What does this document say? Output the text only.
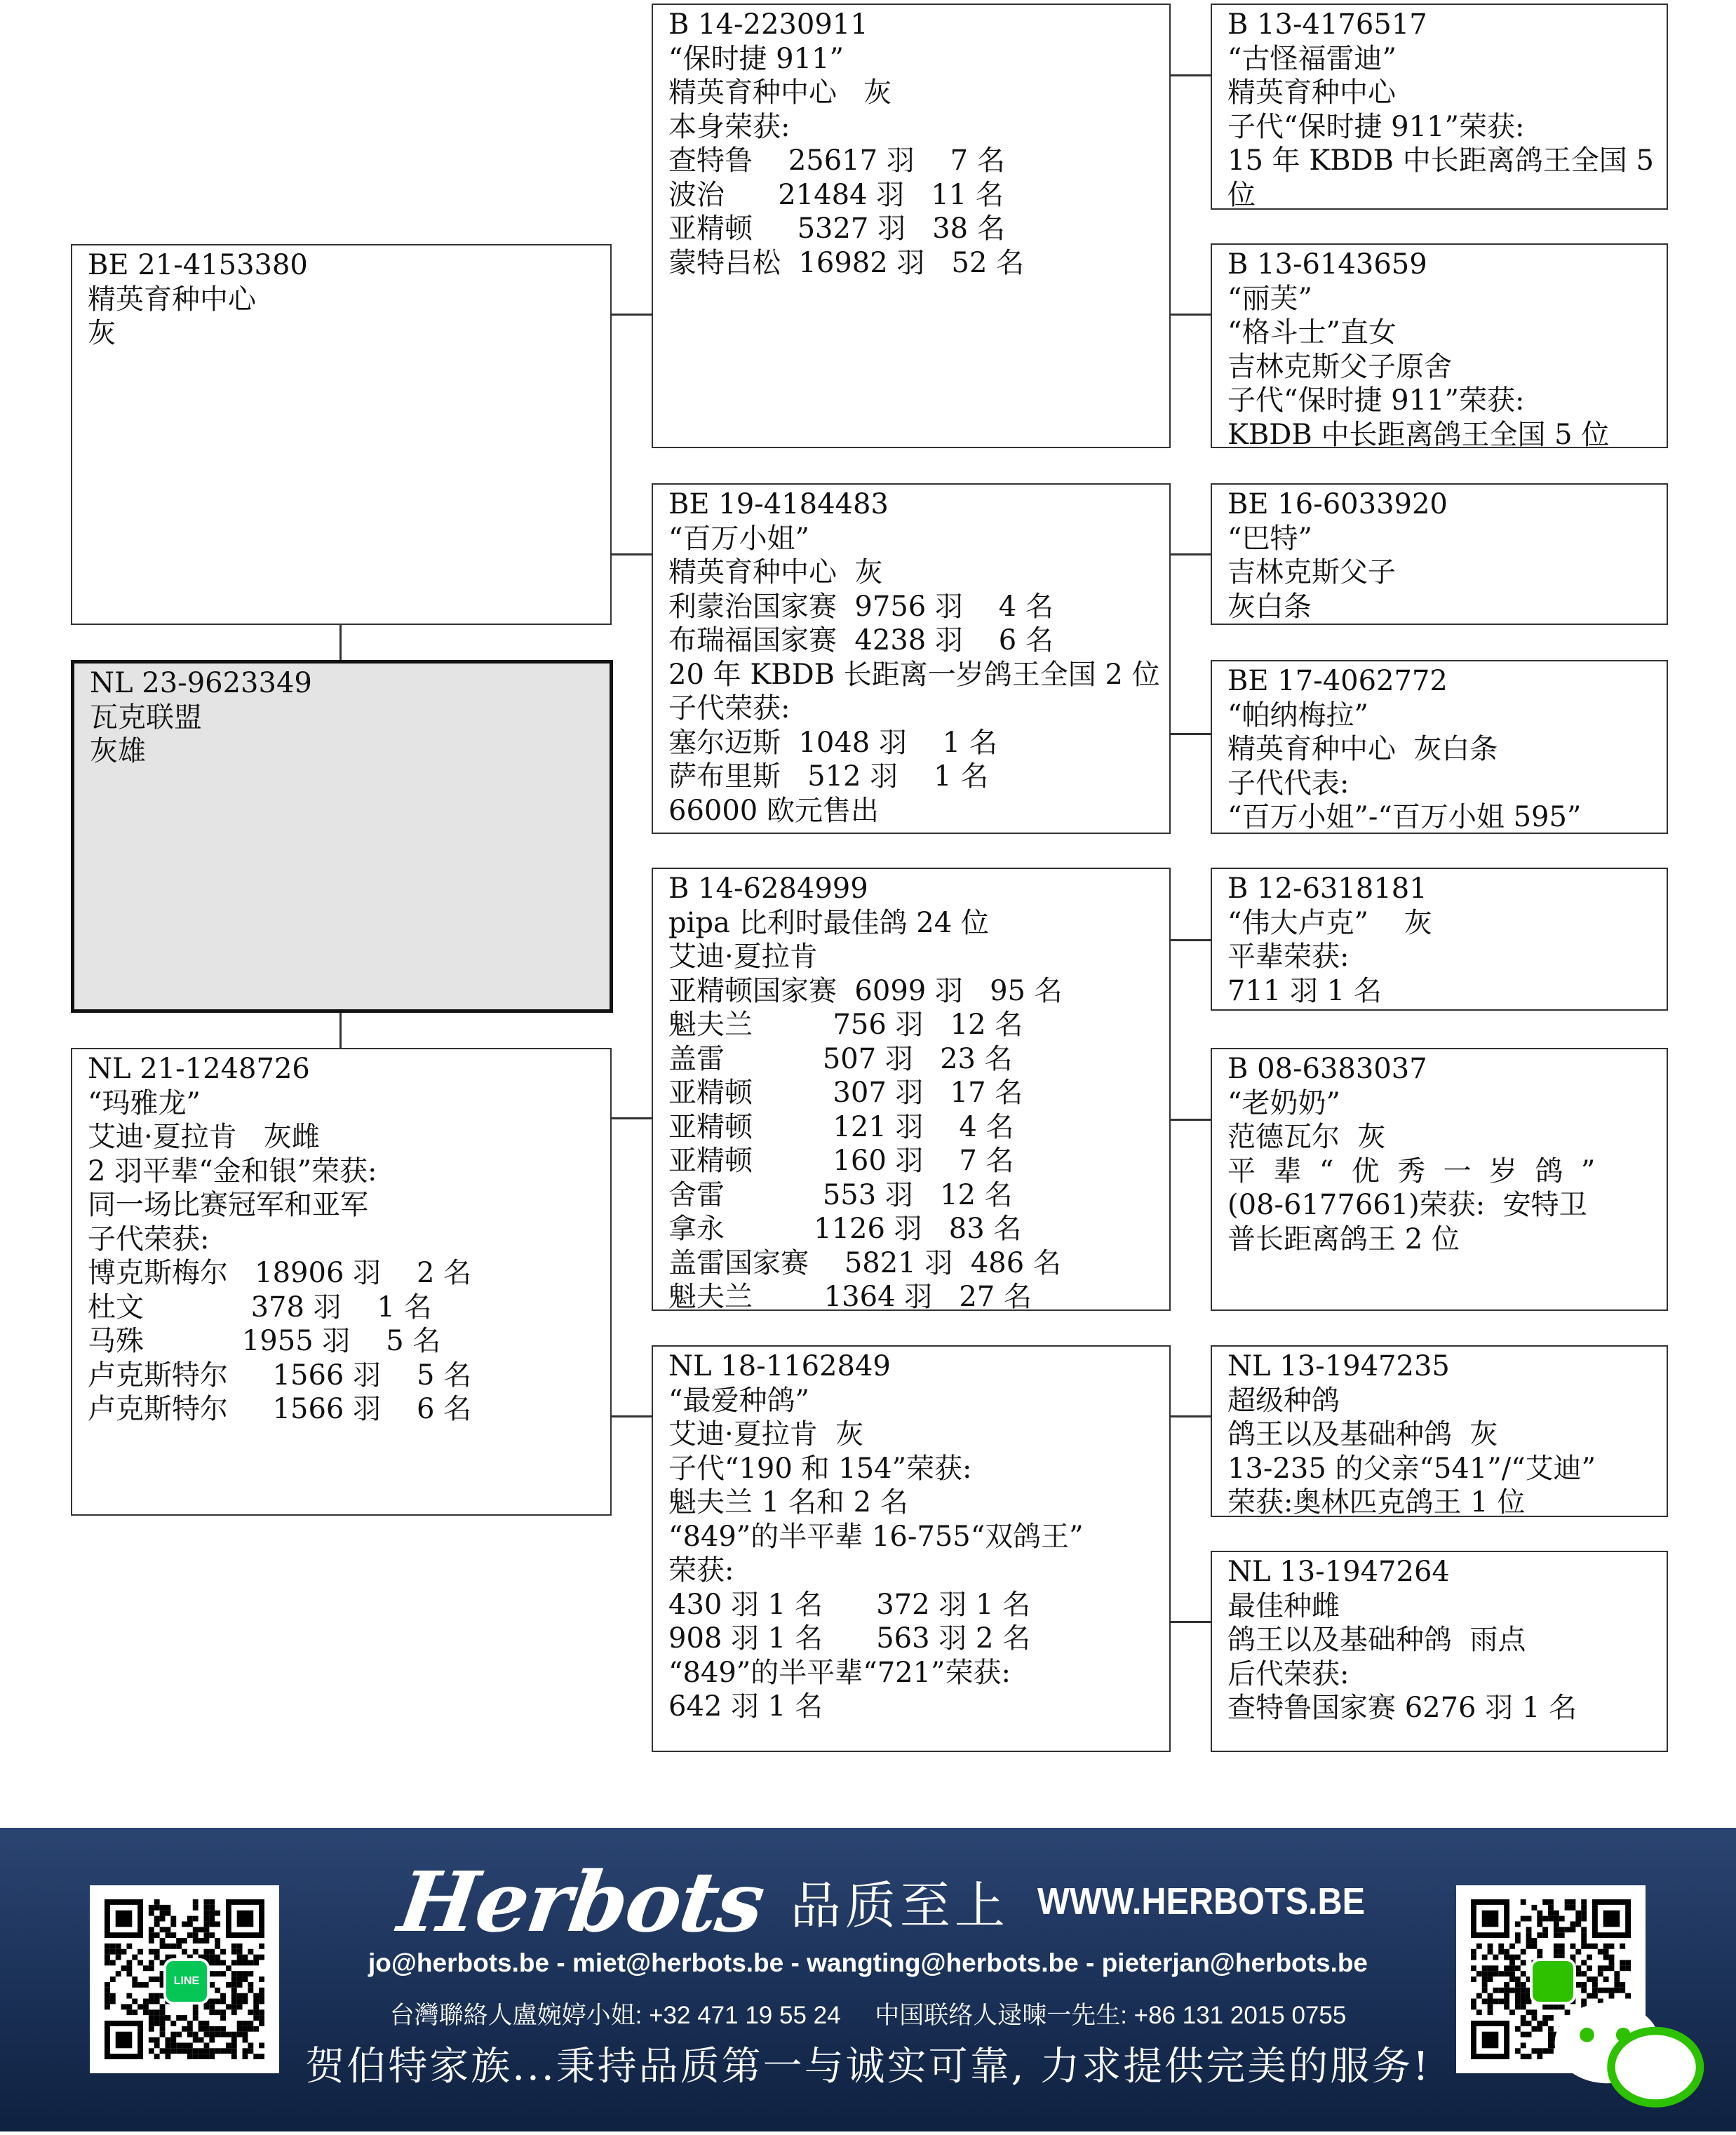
BE 21-4153380
精英育种中心
灰
NL 23-9623349
瓦克联盟
灰雄
NL 21-1248726
“玛雅龙”
艾迪·夏拉肯   灰雌
2 羽平辈“金和银”荣获:
同一场比赛冠军和亚军
子代荣获:
博克斯梅尔   18906 羽    2 名
杜文            378 羽    1 名
马殊           1955 羽    5 名
卢克斯特尔     1566 羽    5 名
卢克斯特尔     1566 羽    6 名
B 14-2230911
“保时捷 911”
精英育种中心   灰
本身荣获:
查特鲁    25617 羽    7 名
波治      21484 羽   11 名
亚精顿     5327 羽   38 名
蒙特吕松  16982 羽   52 名
BE 19-4184483
“百万小姐”
精英育种中心  灰
利蒙治国家赛  9756 羽    4 名
布瑞福国家赛  4238 羽    6 名
20 年 KBDB 长距离一岁鸽王全国 2 位
子代荣获:
塞尔迈斯  1048 羽    1 名
萨布里斯   512 羽    1 名
66000 欧元售出
B 14-6284999
pipa 比利时最佳鸽 24 位
艾迪·夏拉肯
亚精顿国家赛  6099 羽   95 名
魁夫兰         756 羽   12 名
盖雷           507 羽   23 名
亚精顿         307 羽   17 名
亚精顿         121 羽    4 名
亚精顿         160 羽    7 名
舍雷           553 羽   12 名
拿永          1126 羽   83 名
盖雷国家赛    5821 羽  486 名
魁夫兰        1364 羽   27 名
NL 18-1162849
“最爱种鸽”
艾迪·夏拉肯  灰
子代“190 和 154”荣获:
魁夫兰 1 名和 2 名
“849”的半平辈 16-755“双鸽王”
荣获:
430 羽 1 名      372 羽 1 名
908 羽 1 名      563 羽 2 名
“849”的半平辈“721”荣获:
642 羽 1 名
B 13-4176517
“古怪福雷迪”
精英育种中心
子代“保时捷 911”荣获:
15 年 KBDB 中长距离鸽王全国 5
位
B 13-6143659
“丽芙”
“格斗士”直女
吉林克斯父子原舍
子代“保时捷 911”荣获:
KBDB 中长距离鸽王全国 5 位
BE 16-6033920
“巴特”
吉林克斯父子
灰白条
BE 17-4062772
“帕纳梅拉”
精英育种中心  灰白条
子代代表:
“百万小姐”-“百万小姐 595”
B 12-6318181
“伟大卢克”    灰
平辈荣获:
711 羽 1 名
B 08-6383037
“老奶奶”
范德瓦尔  灰
平  辈  “  优  秀  一  岁  鸽  ”
(08-6177661)荣获:  安特卫
普长距离鸽王 2 位
NL 13-1947235
超级种鸽
鸽王以及基础种鸽  灰
13-235 的父亲“541”/“艾迪”
荣获:奥林匹克鸽王 1 位
NL 13-1947264
最佳种雌
鸽王以及基础种鸽  雨点
后代荣获:
查特鲁国家赛 6276 羽 1 名
LINE
Herbots 品质至上 WWW.HERBOTS.BE
jo@herbots.be - miet@herbots.be - wangting@herbots.be - pieterjan@herbots.be
台灣聯絡人盧婉婷小姐: +32 471 19 55 24     中国联络人逯暕一先生: +86 131 2015 0755
贺伯特家族...秉持品质第一与诚实可靠, 力求提供完美的服务!
